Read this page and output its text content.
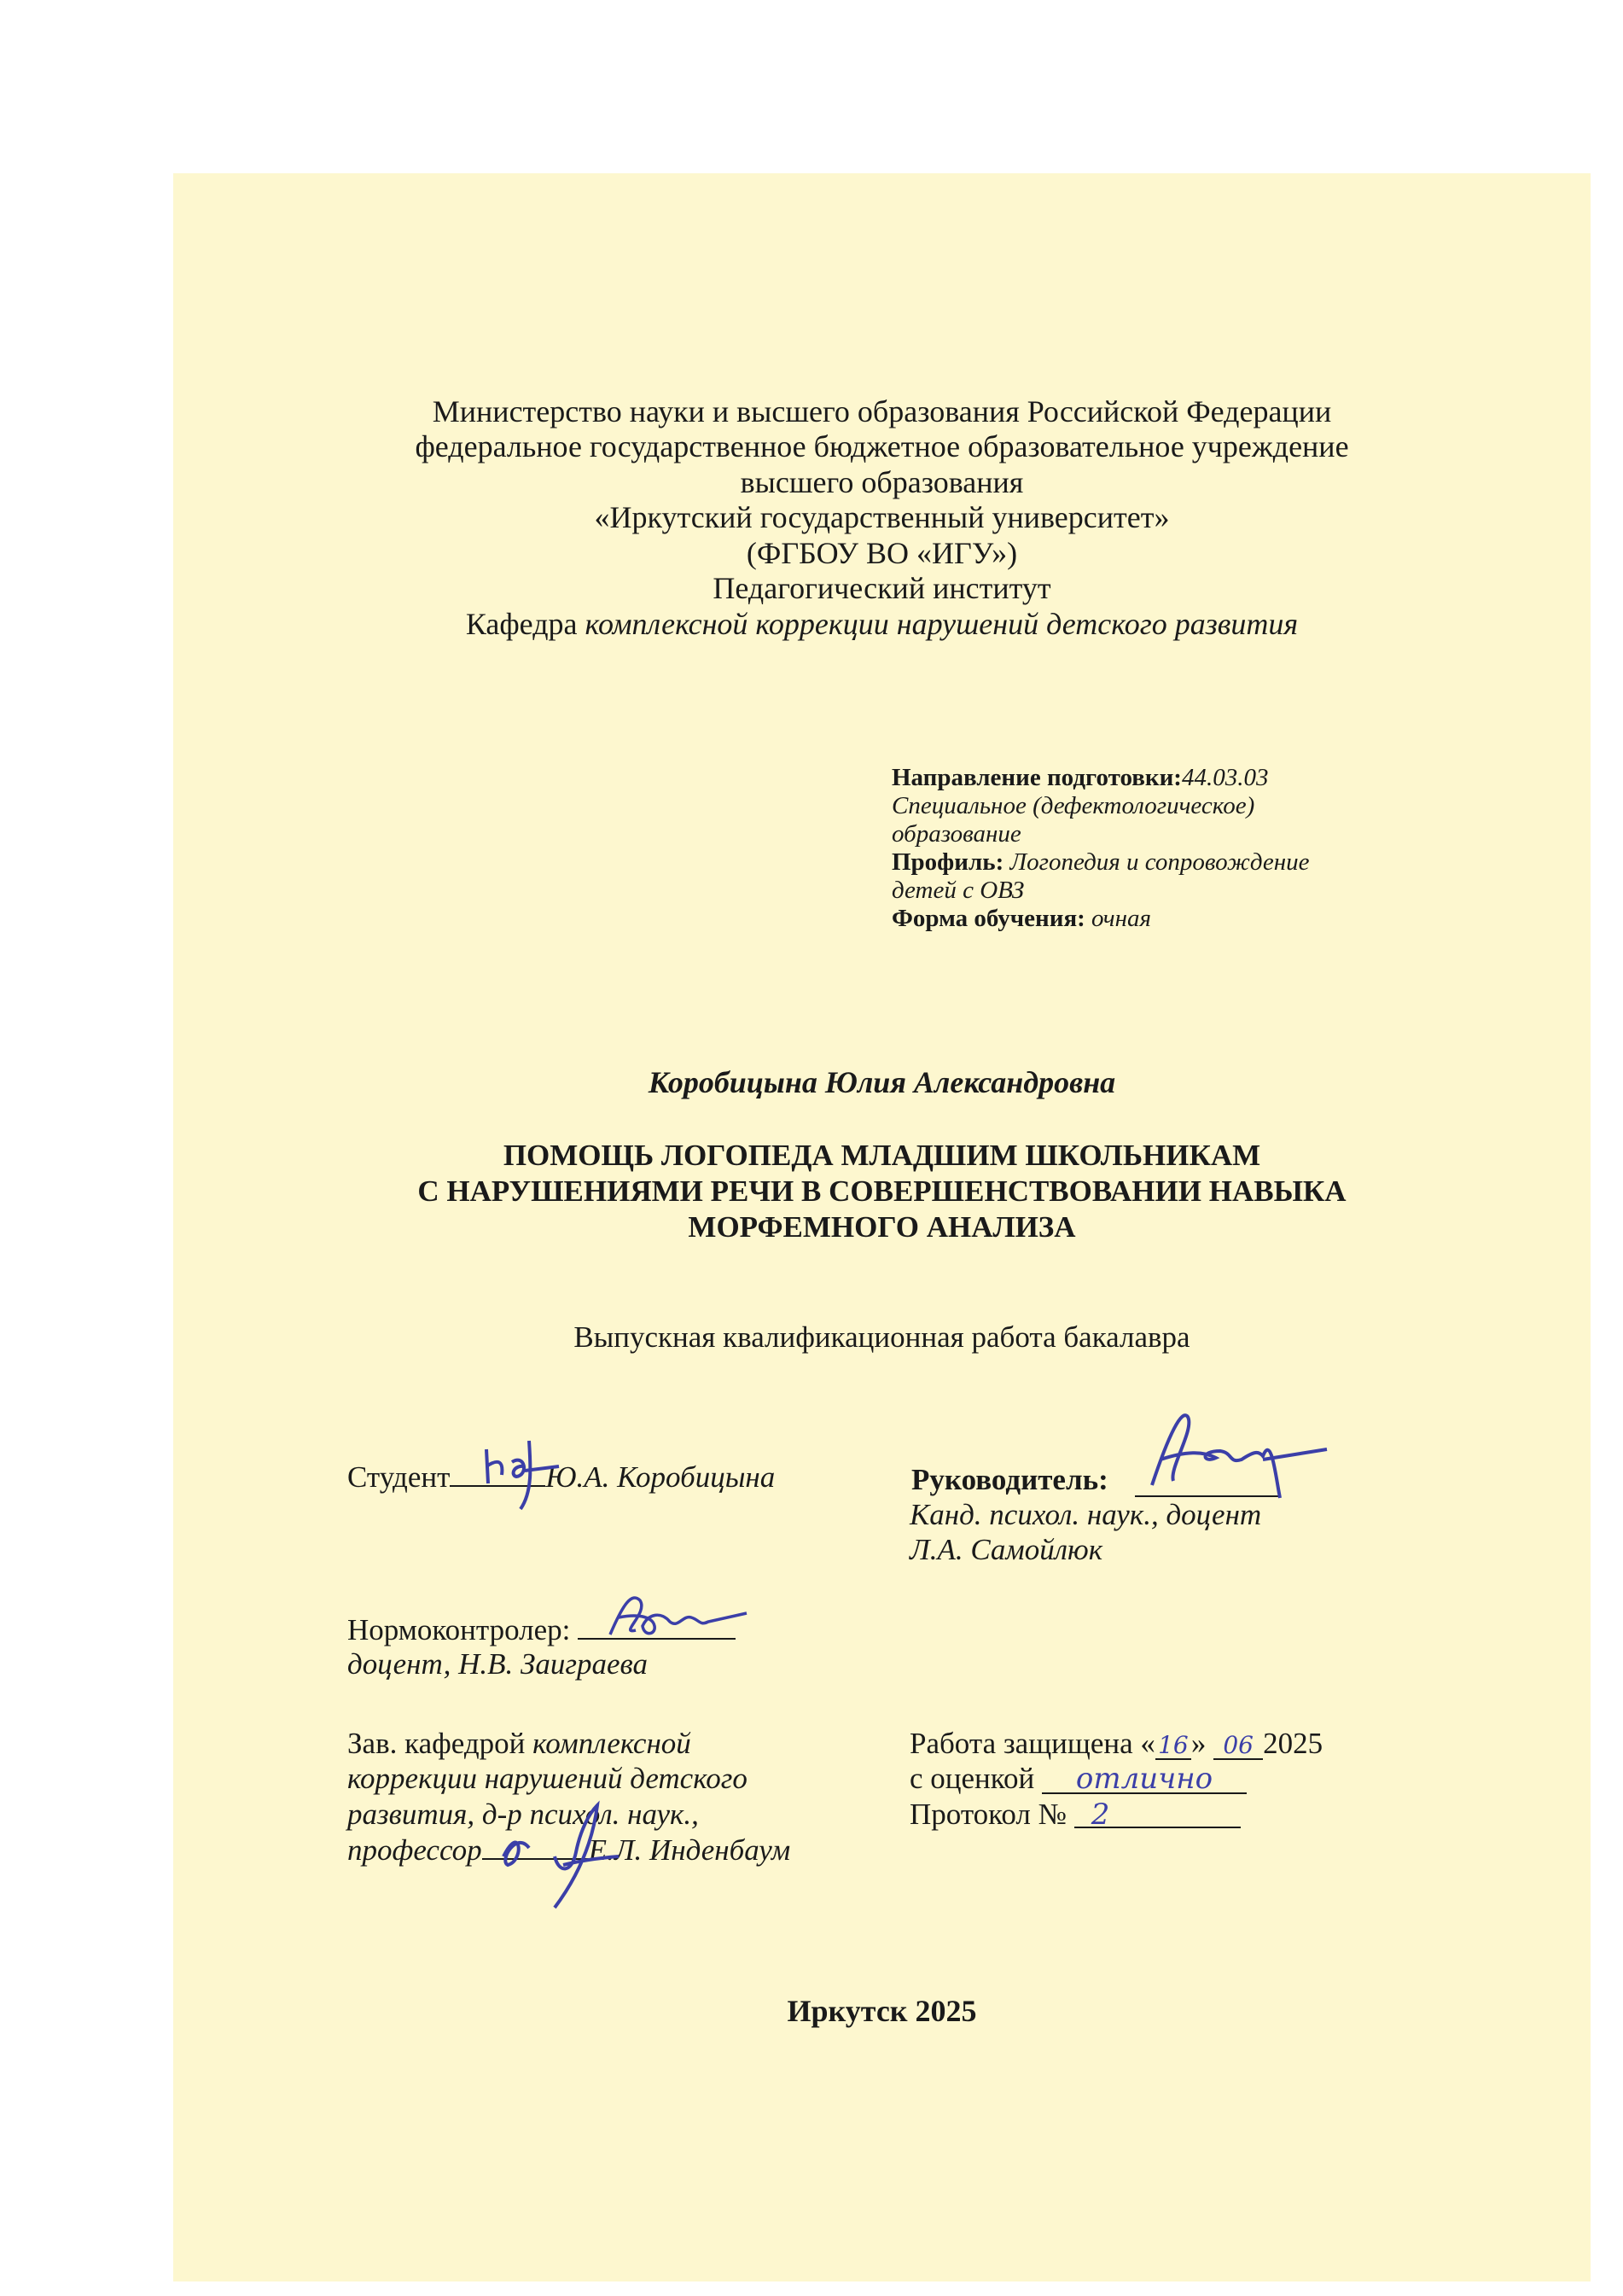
Министерство науки и высшего образования Российской Федерации
федеральное государственное бюджетное образовательное учреждение
высшего образования
«Иркутский государственный университет»
(ФГБОУ ВО «ИГУ»)
Педагогический институт
Кафедра комплексной коррекции нарушений детского развития
Направление подготовки:44.03.03
Специальное (дефектологическое)
образование
Профиль: Логопедия и сопровождение
детей с ОВЗ
Форма обучения: очная
Коробицына Юлия Александровна
ПОМОЩЬ ЛОГОПЕДА МЛАДШИМ ШКОЛЬНИКАМ
С НАРУШЕНИЯМИ РЕЧИ В СОВЕРШЕНСТВОВАНИИ НАВЫКА
МОРФЕМНОГО АНАЛИЗА
Выпускная квалификационная работа бакалавра
Студент	Ю.А. Коробицына	Руководитель:
Канд. психол. наук., доцент
Л.А. Самойлюк
Нормоконтролер:
доцент, Н.В. Заиграева
Зав. кафедрой комплексной
коррекции нарушений детского
развития, д-р психол. наук.,
профессор	Е.Л. Инденбаум
Работа защищена « 16» 06 2025
с оценкой отлично
Протокол № 2
Иркутск 2025
